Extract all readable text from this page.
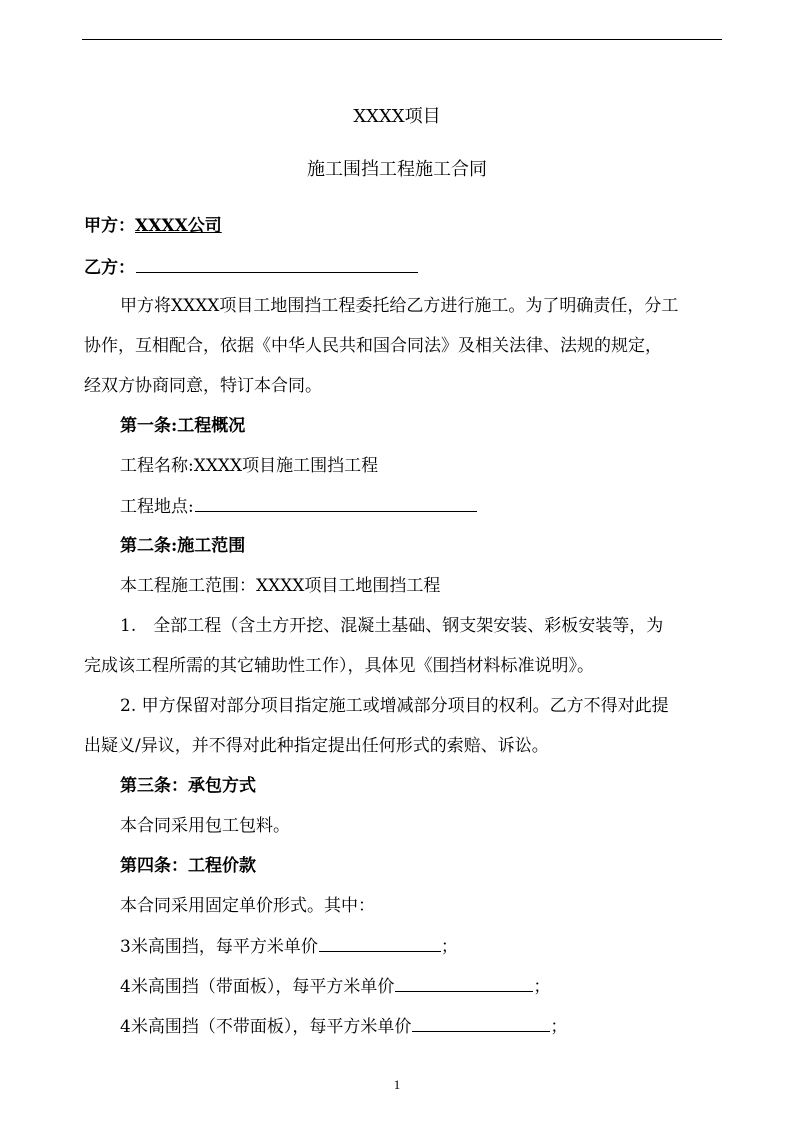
XXXX项目
施工围挡工程施工合同
甲方：XXXX公司
乙方：
甲方将XXXX项目工地围挡工程委托给乙方进行施工。为了明确责任，分工
协作，互相配合，依据《中华人民共和国合同法》及相关法律、法规的规定，
经双方协商同意，特订本合同。
第一条:工程概况
工程名称:XXXX项目施工围挡工程
工程地点:
第二条:施工范围
本工程施工范围：XXXX项目工地围挡工程
1.　全部工程（含土方开挖、混凝土基础、钢支架安装、彩板安装等，为
完成该工程所需的其它辅助性工作），具体见《围挡材料标准说明》。
2. 甲方保留对部分项目指定施工或增减部分项目的权利。乙方不得对此提
出疑义/异议，并不得对此种指定提出任何形式的索赔、诉讼。
第三条：承包方式
本合同采用包工包料。
第四条：工程价款
本合同采用固定单价形式。其中：
3米高围挡，每平方米单价	；
4米高围挡（带面板），每平方米单价	；
4米高围挡（不带面板），每平方米单价	；
1
